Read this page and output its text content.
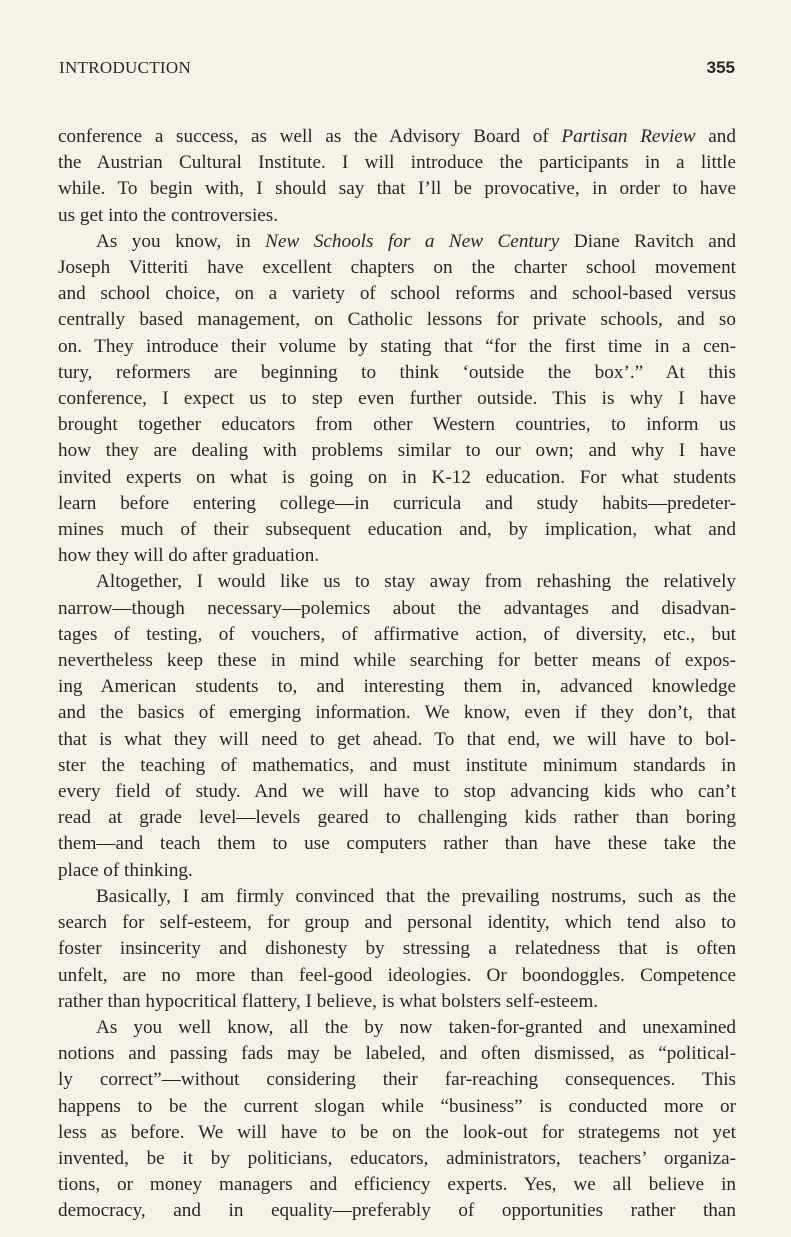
INTRODUCTION	355
conference a success, as well as the Advisory Board of Partisan Review and
the Austrian Cultural Institute. I will introduce the participants in a little
while. To begin with, I should say that I’ll be provocative, in order to have
us get into the controversies.
As you know, in New Schools for a New Century Diane Ravitch and
Joseph Vitteriti have excellent chapters on the charter school movement
and school choice, on a variety of school reforms and school-based versus
centrally based management, on Catholic lessons for private schools, and so
on. They introduce their volume by stating that “for the first time in a cen-
tury, reformers are beginning to think ‘outside the box’.” At this
conference, I expect us to step even further outside. This is why I have
brought together educators from other Western countries, to inform us
how they are dealing with problems similar to our own; and why I have
invited experts on what is going on in K-12 education. For what students
learn before entering college—in curricula and study habits—predeter-
mines much of their subsequent education and, by implication, what and
how they will do after graduation.
Altogether, I would like us to stay away from rehashing the relatively
narrow—though necessary—polemics about the advantages and disadvan-
tages of testing, of vouchers, of affirmative action, of diversity, etc., but
nevertheless keep these in mind while searching for better means of expos-
ing American students to, and interesting them in, advanced knowledge
and the basics of emerging information. We know, even if they don’t, that
that is what they will need to get ahead. To that end, we will have to bol-
ster the teaching of mathematics, and must institute minimum standards in
every field of study. And we will have to stop advancing kids who can’t
read at grade level—levels geared to challenging kids rather than boring
them—and teach them to use computers rather than have these take the
place of thinking.
Basically, I am firmly convinced that the prevailing nostrums, such as the
search for self-esteem, for group and personal identity, which tend also to
foster insincerity and dishonesty by stressing a relatedness that is often
unfelt, are no more than feel-good ideologies. Or boondoggles. Competence
rather than hypocritical flattery, I believe, is what bolsters self-esteem.
As you well know, all the by now taken-for-granted and unexamined
notions and passing fads may be labeled, and often dismissed, as “political-
ly correct”—without considering their far-reaching consequences. This
happens to be the current slogan while “business” is conducted more or
less as before. We will have to be on the look-out for strategems not yet
invented, be it by politicians, educators, administrators, teachers’ organiza-
tions, or money managers and efficiency experts. Yes, we all believe in
democracy, and in equality—preferably of opportunities rather than
